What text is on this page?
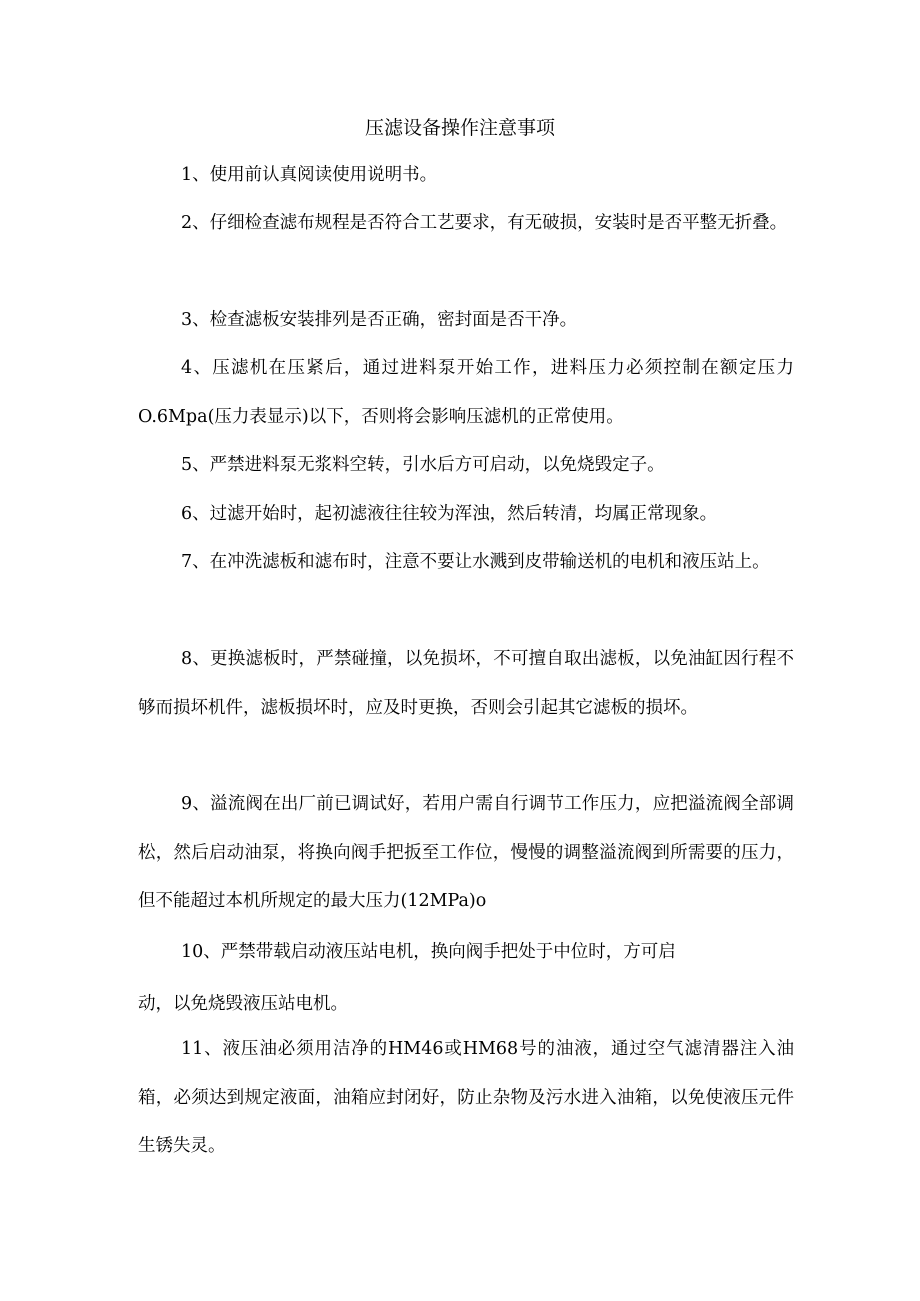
压滤设备操作注意事项

1、使用前认真阅读使用说明书。

2、仔细检查滤布规程是否符合工艺要求，有无破损，安装时是否平整无折叠。

3、检查滤板安装排列是否正确，密封面是否干净。

4、压滤机在压紧后，通过进料泵开始工作，进料压力必须控制在额定压力O.6Mpa(压力表显示)以下，否则将会影响压滤机的正常使用。

5、严禁进料泵无浆料空转，引水后方可启动，以免烧毁定子。

6、过滤开始时，起初滤液往往较为浑浊，然后转清，均属正常现象。

7、在冲洗滤板和滤布时，注意不要让水溅到皮带输送机的电机和液压站上。

8、更换滤板时，严禁碰撞，以免损坏，不可擅自取出滤板，以免油缸因行程不够而损坏机件，滤板损坏时，应及时更换，否则会引起其它滤板的损坏。

9、溢流阀在出厂前已调试好，若用户需自行调节工作压力，应把溢流阀全部调松，然后启动油泵，将换向阀手把扳至工作位，慢慢的调整溢流阀到所需要的压力，但不能超过本机所规定的最大压力(12MPa)o

10、严禁带载启动液压站电机，换向阀手把处于中位时，方可启

动，以免烧毁液压站电机。

11、液压油必须用洁净的HM46或HM68号的油液，通过空气滤清器注入油箱，必须达到规定液面，油箱应封闭好，防止杂物及污水进入油箱，以免使液压元件生锈失灵。
